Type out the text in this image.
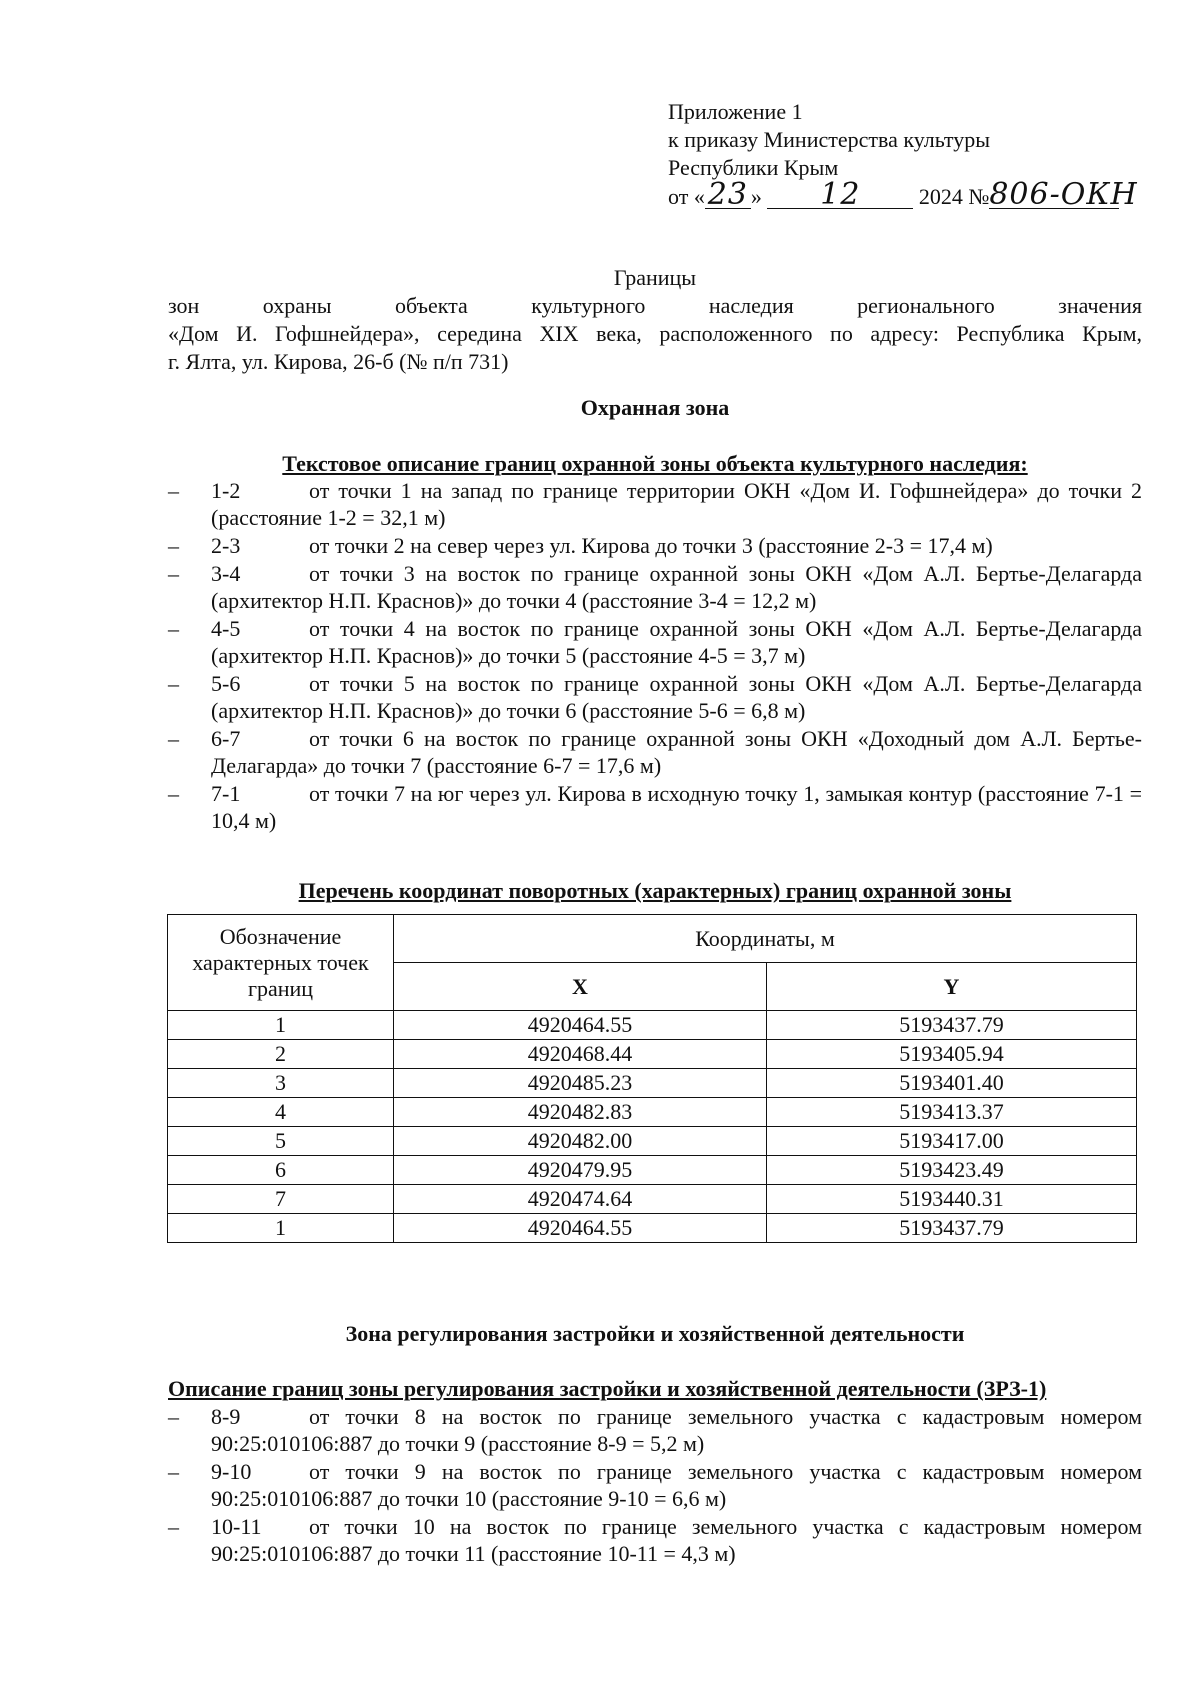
Приложение 1
к приказу Министерства культуры
Республики Крым
от «23 » 12	2024 №806-ОКН
Границы
зон охраны объекта культурного наследия регионального значения
«Дом И. Гофшнейдера», середина XIX века, расположенного по адресу: Республика Крым,
г. Ялта, ул. Кирова, 26-б (№ п/п 731)
Охранная зона
Текстовое описание границ охранной зоны объекта культурного наследия:
– 1-2	от точки 1 на запад по границе территории ОКН «Дом И. Гофшнейдера» до точки 2 (расстояние 1-2 = 32,1 м)

– 2-3	от точки 2 на север через ул. Кирова до точки 3 (расстояние 2-3 = 17,4 м)

– 3-4	от точки 3 на восток по границе охранной зоны ОКН «Дом А.Л. Бертье-Делагарда (архитектор Н.П. Краснов)» до точки 4 (расстояние 3-4 = 12,2 м)

– 4-5	от точки 4 на восток по границе охранной зоны ОКН «Дом А.Л. Бертье-Делагарда (архитектор Н.П. Краснов)» до точки 5 (расстояние 4-5 = 3,7 м)

– 5-6	от точки 5 на восток по границе охранной зоны ОКН «Дом А.Л. Бертье-Делагарда (архитектор Н.П. Краснов)» до точки 6 (расстояние 5-6 = 6,8 м)

– 6-7	от точки 6 на восток по границе охранной зоны ОКН «Доходный дом А.Л. Бертье-Делагарда» до точки 7 (расстояние 6-7 = 17,6 м)

– 7-1	от точки 7 на юг через ул. Кирова в исходную точку 1, замыкая контур (расстояние 7-1 = 10,4 м)

Перечень координат поворотных (характерных) границ охранной зоны
Обозначение характерных точек границ	Координаты, м	
	X	Y
1	4920464.55	5193437.79
2	4920468.44	5193405.94
3	4920485.23	5193401.40
4	4920482.83	5193413.37
5	4920482.00	5193417.00
6	4920479.95	5193423.49
7	4920474.64	5193440.31
1	4920464.55	5193437.79
Зона регулирования застройки и хозяйственной деятельности
Описание границ зоны регулирования застройки и хозяйственной деятельности (ЗРЗ-1)
– 8-9	от точки 8 на восток по границе земельного участка с кадастровым номером 90:25:010106:887 до точки 9 (расстояние 8-9 = 5,2 м)

– 9-10	от точки 9 на восток по границе земельного участка с кадастровым номером 90:25:010106:887 до точки 10 (расстояние 9-10 = 6,6 м)

– 10-11 от точки 10 на восток по границе земельного участка с кадастровым номером 90:25:010106:887 до точки 11 (расстояние 10-11 = 4,3 м)
